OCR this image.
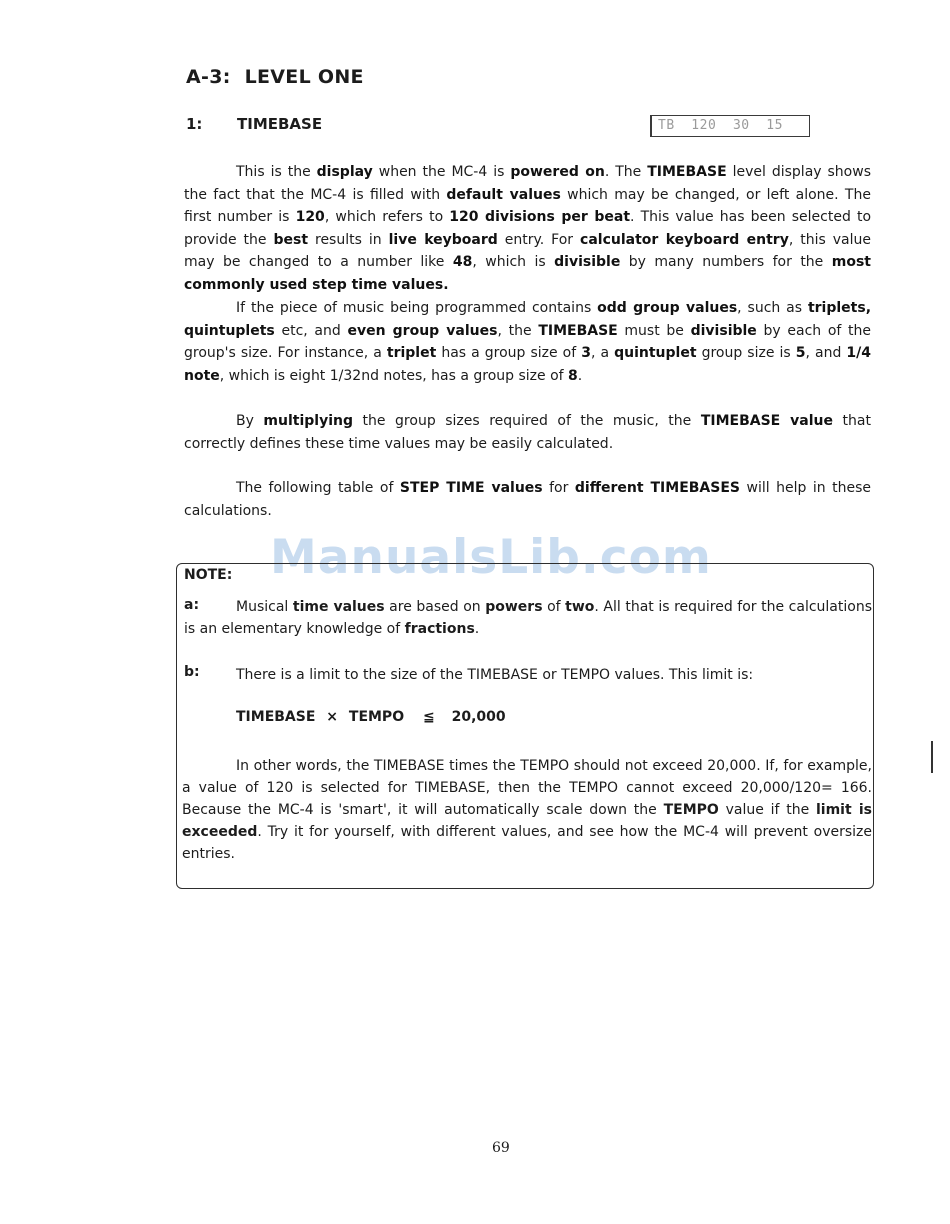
A-3: LEVEL ONE
1: TIMEBASE	TB  120  30  15
This is the display when the MC-4 is powered on. The TIMEBASE level display shows the fact that the MC-4 is filled with default values which may be changed, or left alone. The first number is 120, which refers to 120 divisions per beat. This value has been selected to provide the best results in live keyboard entry. For calculator keyboard entry, this value may be changed to a number like 48, which is divisible by many numbers for the most commonly used step time values.
If the piece of music being programmed contains odd group values, such as triplets, quintuplets etc, and even group values, the TIMEBASE must be divisible by each of the group's size. For instance, a triplet has a group size of 3, a quintuplet group size is 5, and 1/4 note, which is eight 1/32nd notes, has a group size of 8.
By multiplying the group sizes required of the music, the TIMEBASE value that correctly defines these time values may be easily calculated.
The following table of STEP TIME values for different TIMEBASES will help in these calculations.
ManualsLib.com
NOTE:
a:	Musical time values are based on powers of two. All that is required for the calculations is an elementary knowledge of fractions.
b:	There is a limit to the size of the TIMEBASE or TEMPO values. This limit is:
TIMEBASE × TEMPO ≦ 20,000
In other words, the TIMEBASE times the TEMPO should not exceed 20,000. If, for example, a value of 120 is selected for TIMEBASE, then the TEMPO cannot exceed 20,000/120= 166. Because the MC-4 is 'smart', it will automatically scale down the TEMPO value if the limit is exceeded. Try it for yourself, with different values, and see how the MC-4 will prevent oversize entries.
69
